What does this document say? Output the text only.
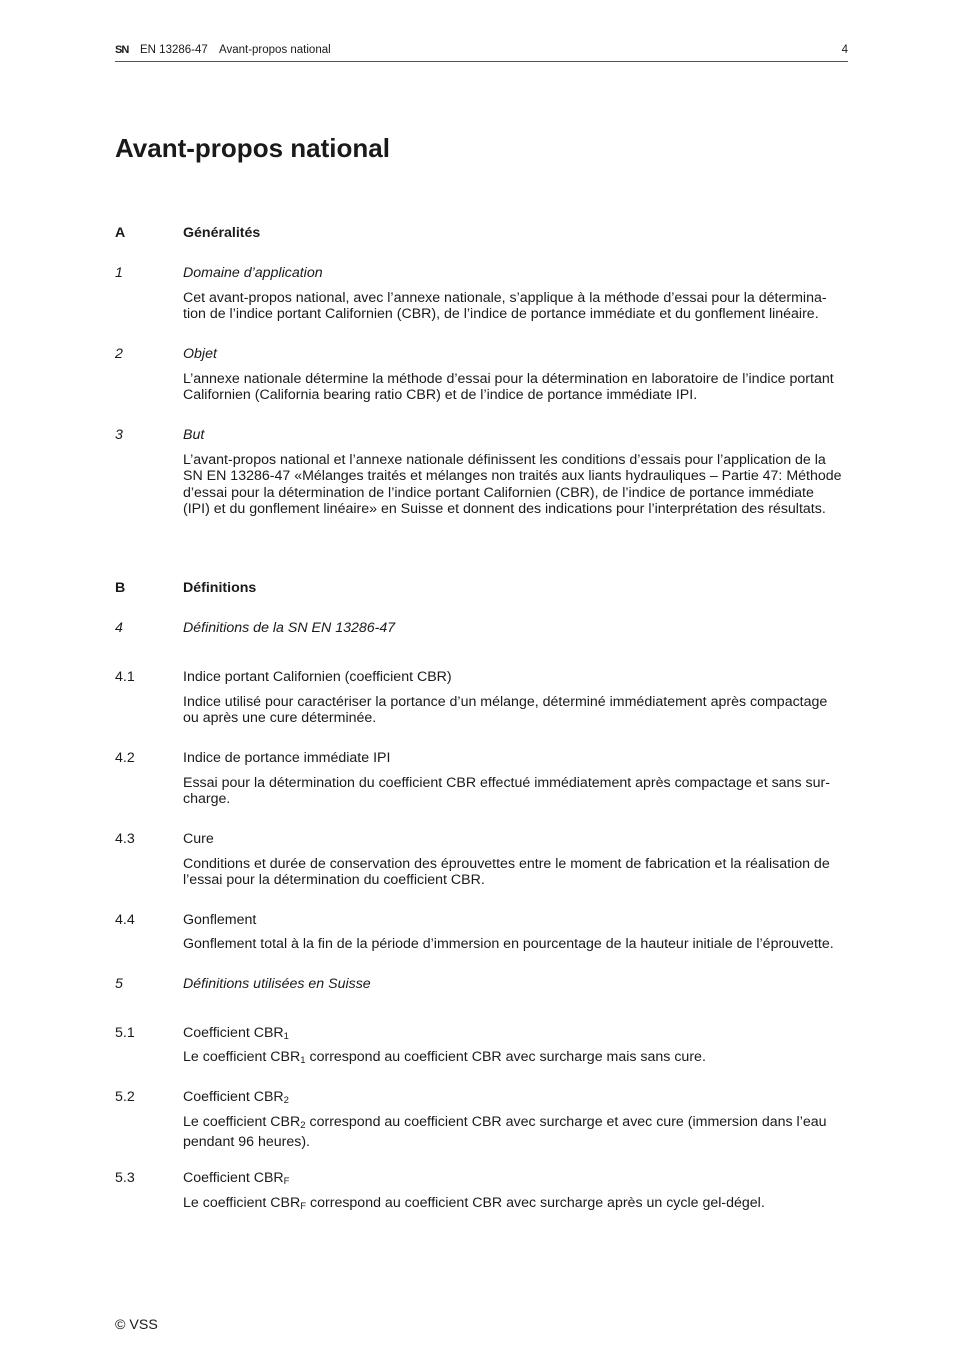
SN EN 13286-47 Avant-propos national	4
Avant-propos national
A	Généralités
1	Domaine d’application
Cet avant-propos national, avec l’annexe nationale, s’applique à la méthode d’essai pour la détermina-
tion de l’indice portant Californien (CBR), de l’indice de portance immédiate et du gonflement linéaire.
2	Objet
L’annexe nationale détermine la méthode d’essai pour la détermination en laboratoire de l’indice portant
Californien (California bearing ratio CBR) et de l’indice de portance immédiate IPI.
3	But
L’avant-propos national et l’annexe nationale définissent les conditions d’essais pour l’application de la
SN EN 13286-47 «Mélanges traités et mélanges non traités aux liants hydrauliques – Partie 47: Méthode
d’essai pour la détermination de l’indice portant Californien (CBR), de l’indice de portance immédiate
(IPI) et du gonflement linéaire» en Suisse et donnent des indications pour l’interprétation des résultats.
B	Définitions
4	Définitions de la SN EN 13286-47
4.1	Indice portant Californien (coefficient CBR)
Indice utilisé pour caractériser la portance d’un mélange, déterminé immédiatement après compactage
ou après une cure déterminée.
4.2	Indice de portance immédiate IPI
Essai pour la détermination du coefficient CBR effectué immédiatement après compactage et sans sur-
charge.
4.3	Cure
Conditions et durée de conservation des éprouvettes entre le moment de fabrication et la réalisation de
l’essai pour la détermination du coefficient CBR.
4.4	Gonflement
Gonflement total à la fin de la période d’immersion en pourcentage de la hauteur initiale de l’éprouvette.
5	Définitions utilisées en Suisse
5.1	Coefficient $CBR_1$
Le coefficient $CBR_1$ correspond au coefficient CBR avec surcharge mais sans cure.
5.2	Coefficient $CBR_2$
Le coefficient $CBR_2$ correspond au coefficient CBR avec surcharge et avec cure (immersion dans l’eau
pendant 96 heures).
5.3	Coefficient $CBR_F$
Le coefficient $CBR_F$ correspond au coefficient CBR avec surcharge après un cycle gel-dégel.
© VSS
